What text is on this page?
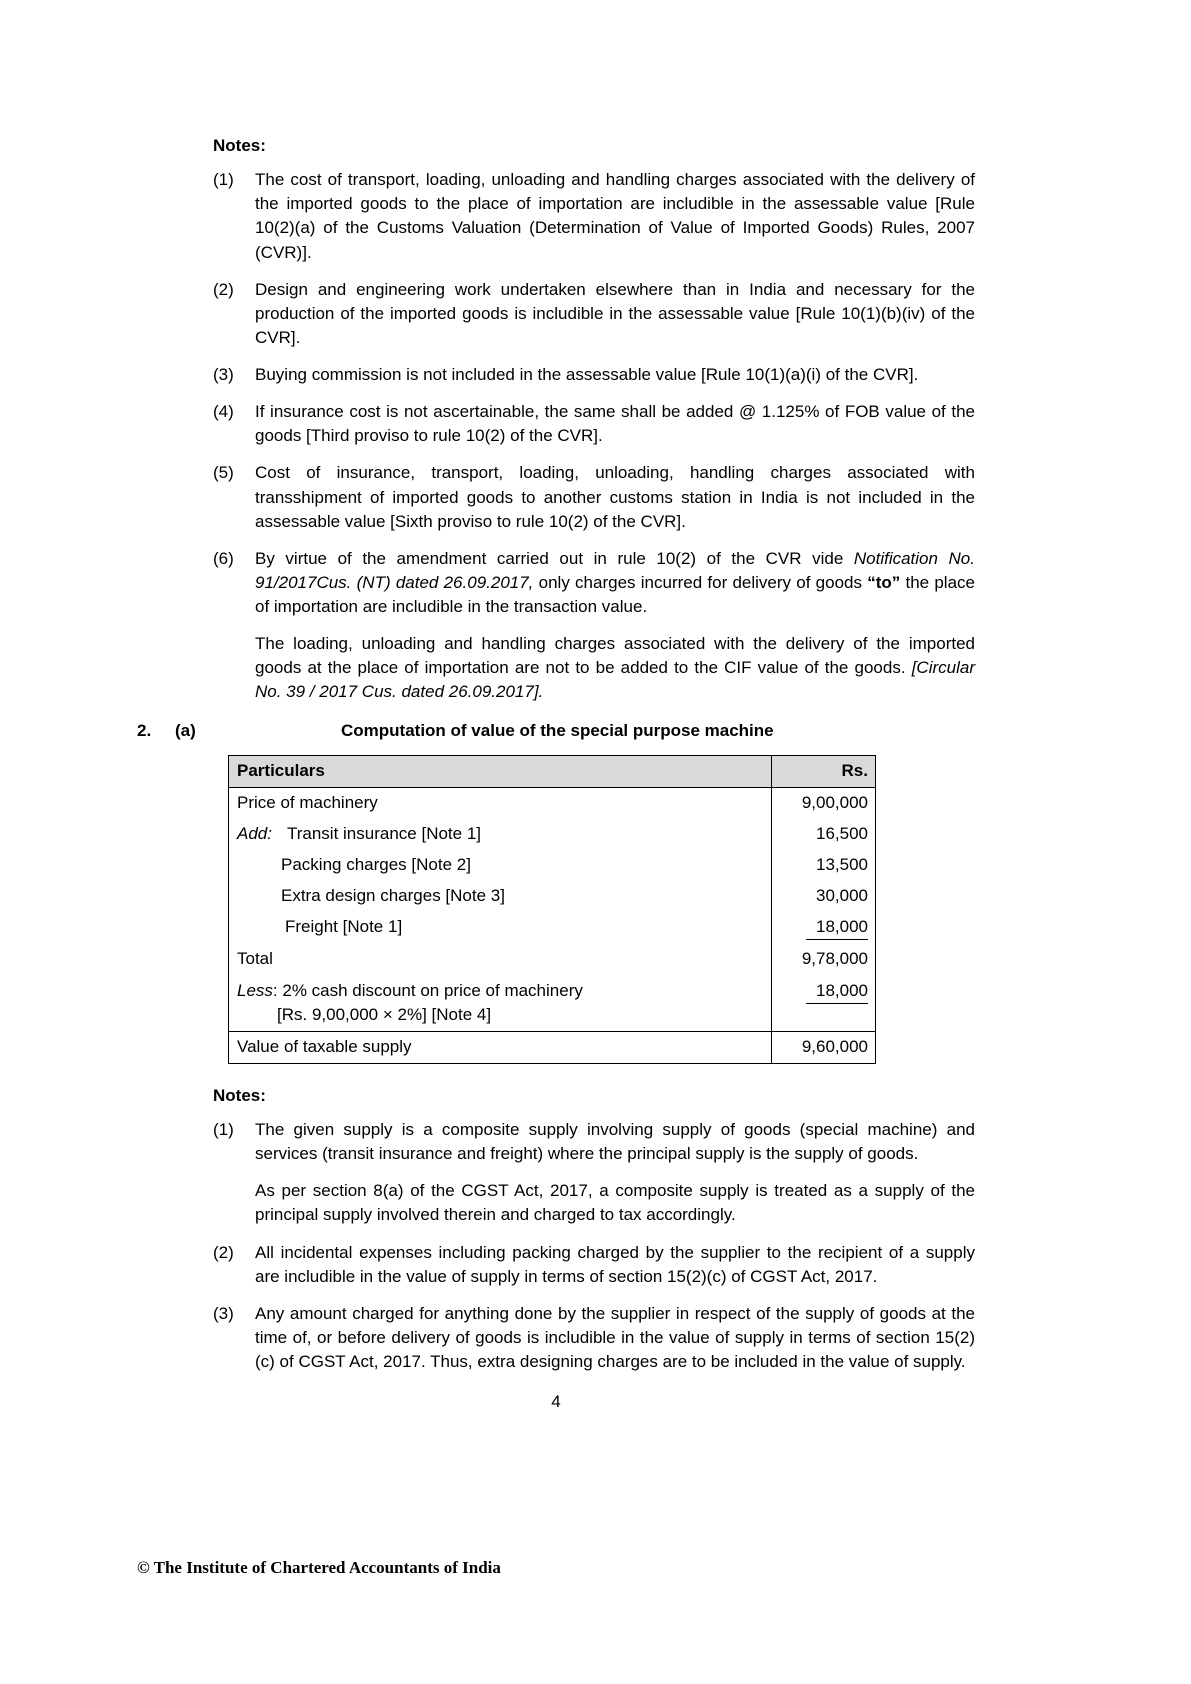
Notes:
(1)	The cost of transport, loading, unloading and handling charges associated with the delivery of the imported goods to the place of importation are includible in the assessable value [Rule 10(2)(a) of the Customs Valuation (Determination of Value of Imported Goods) Rules, 2007 (CVR)].
(2)	Design and engineering work undertaken elsewhere than in India and necessary for the production of the imported goods is includible in the assessable value [Rule 10(1)(b)(iv) of the CVR].
(3)	Buying commission is not included in the assessable value [Rule 10(1)(a)(i) of the CVR].
(4)	If insurance cost is not ascertainable, the same shall be added @ 1.125% of FOB value of the goods [Third proviso to rule 10(2) of the CVR].
(5)	Cost of insurance, transport, loading, unloading, handling charges associated with transshipment of imported goods to another customs station in India is not included in the assessable value [Sixth proviso to rule 10(2) of the CVR].
(6)	By virtue of the amendment carried out in rule 10(2) of the CVR vide Notification No. 91/2017Cus. (NT) dated 26.09.2017, only charges incurred for delivery of goods “to” the place of importation are includible in the transaction value.

The loading, unloading and handling charges associated with the delivery of the imported goods at the place of importation are not to be added to the CIF value of the goods. [Circular No. 39 / 2017 Cus. dated 26.09.2017].

2.	(a)	Computation of value of the special purpose machine
Particulars	Rs.
Price of machinery	9,00,000
Add: Transit insurance [Note 1]	16,500
Packing charges [Note 2]	13,500
Extra design charges [Note 3]	30,000
Freight [Note 1]	18,000
Total	9,78,000

Less: 2% cash discount on price of machinery
[Rs. 9,00,000 × 2%] [Note 4]	18,000
Value of taxable supply	9,60,000
Notes:
(1)	The given supply is a composite supply involving supply of goods (special machine) and services (transit insurance and freight) where the principal supply is the supply of goods.

As per section 8(a) of the CGST Act, 2017, a composite supply is treated as a supply of the principal supply involved therein and charged to tax accordingly.

(2)	All incidental expenses including packing charged by the supplier to the recipient of a supply are includible in the value of supply in terms of section 15(2)(c) of CGST Act, 2017.
(3)	Any amount charged for anything done by the supplier in respect of the supply of goods at the time of, or before delivery of goods is includible in the value of supply in terms of section 15(2)(c) of CGST Act, 2017. Thus, extra designing charges are to be included in the value of supply.
4
© The Institute of Chartered Accountants of India
